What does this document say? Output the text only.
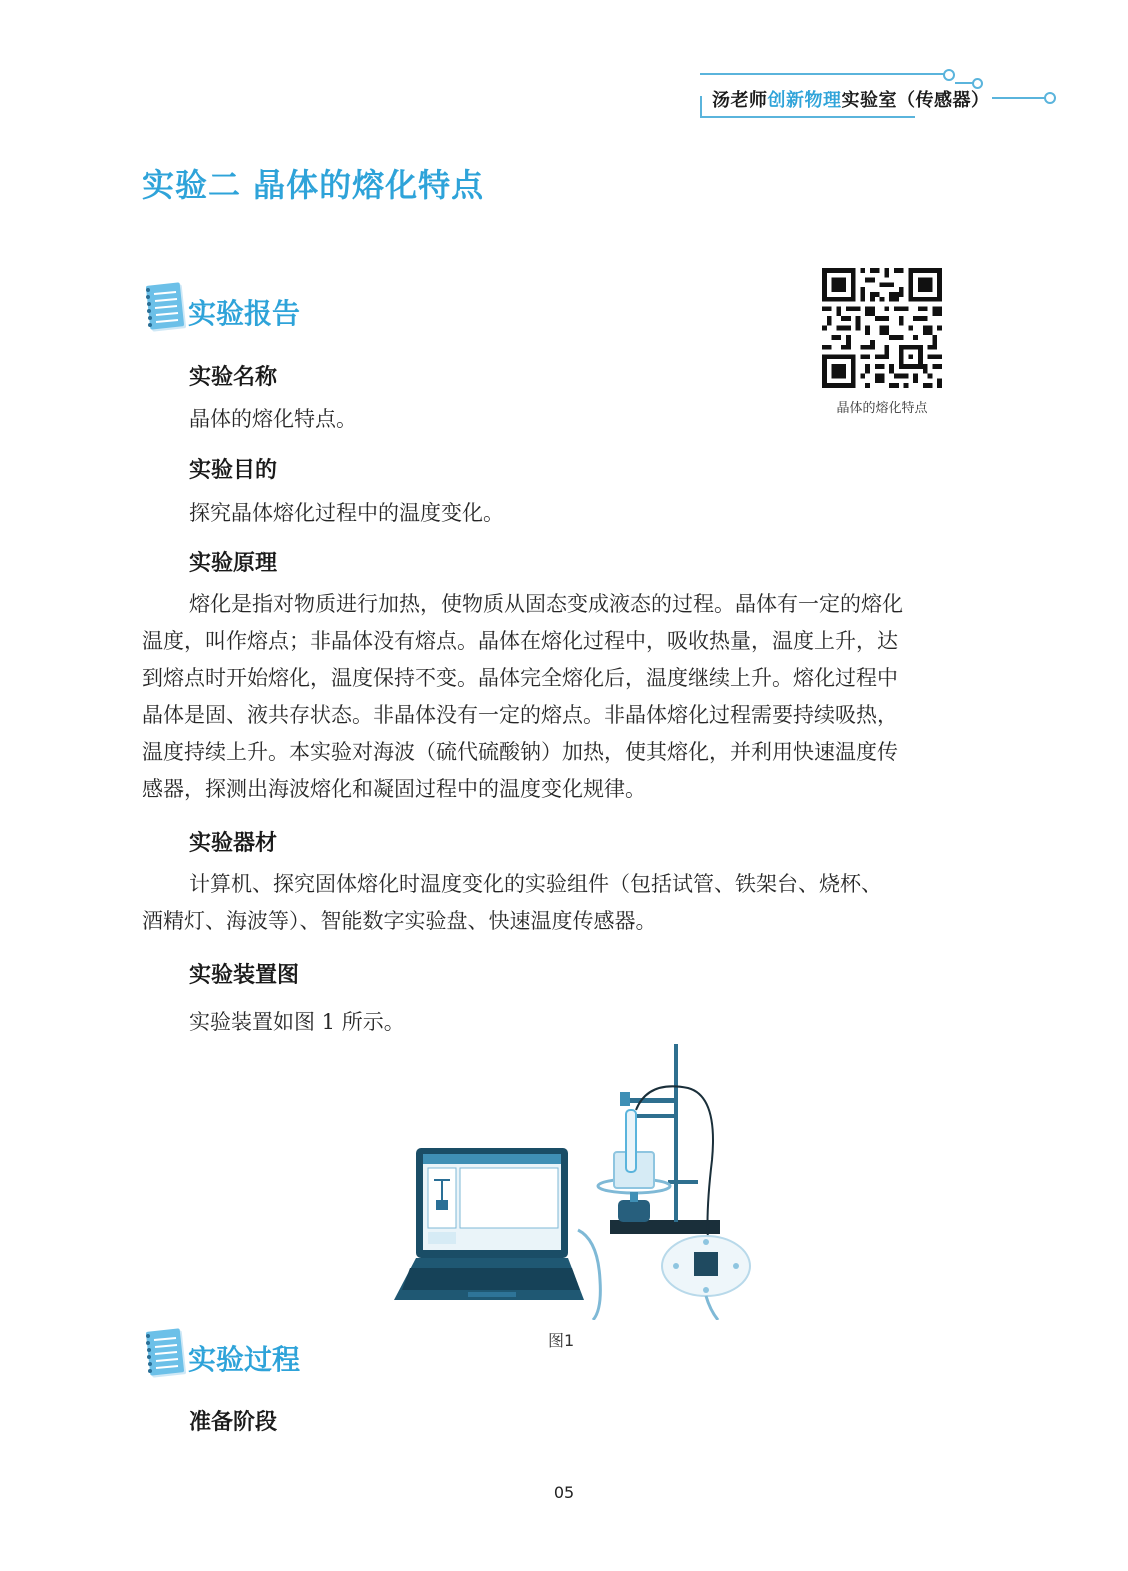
汤老师创新物理实验室（传感器）
实验二 晶体的熔化特点
实验报告
晶体的熔化特点
实验名称
晶体的熔化特点。
实验目的
探究晶体熔化过程中的温度变化。
实验原理
熔化是指对物质进行加热，使物质从固态变成液态的过程。晶体有一定的熔化
温度，叫作熔点；非晶体没有熔点。晶体在熔化过程中，吸收热量，温度上升，达
到熔点时开始熔化，温度保持不变。晶体完全熔化后，温度继续上升。熔化过程中
晶体是固、液共存状态。非晶体没有一定的熔点。非晶体熔化过程需要持续吸热，
温度持续上升。本实验对海波（硫代硫酸钠）加热，使其熔化，并利用快速温度传
感器，探测出海波熔化和凝固过程中的温度变化规律。
实验器材
计算机、探究固体熔化时温度变化的实验组件（包括试管、铁架台、烧杯、
酒精灯、海波等）、智能数字实验盘、快速温度传感器。
实验装置图
实验装置如图 1 所示。
图1
实验过程
准备阶段
05
